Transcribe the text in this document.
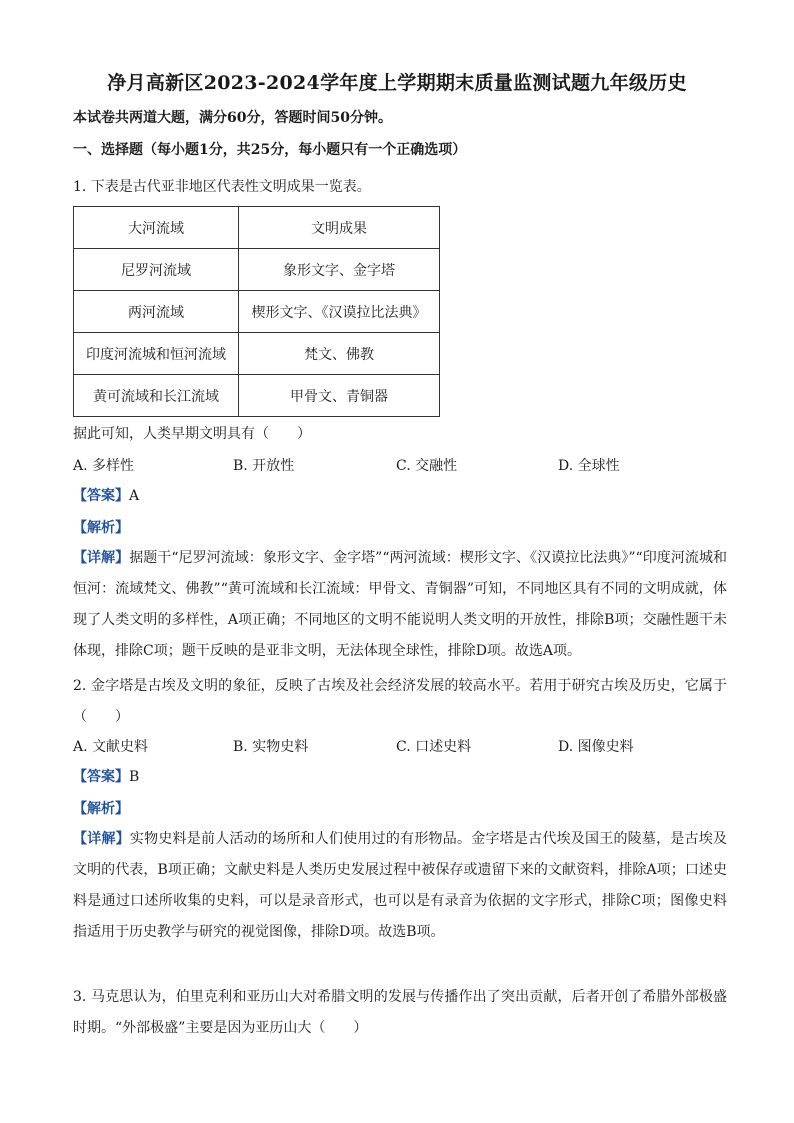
净月高新区2023-2024学年度上学期期末质量监测试题九年级历史
本试卷共两道大题，满分60分，答题时间50分钟。
一、选择题（每小题1分，共25分，每小题只有一个正确选项）
1. 下表是古代亚非地区代表性文明成果一览表。
大河流域	文明成果
尼罗河流域	象形文字、金字塔
两河流域	楔形文字、《汉谟拉比法典》
印度河流城和恒河流域	梵文、佛教
黄可流域和长江流域	甲骨文、青铜器
据此可知，人类早期文明具有（　　）
A. 多样性	B. 开放性	C. 交融性	D. 全球性
【答案】A
【解析】
【详解】据题干“尼罗河流域：象形文字、金字塔”“两河流域：楔形文字、《汉谟拉比法典》”“印度河流城和恒河：流域梵文、佛教”“黄可流域和长江流域：甲骨文、青铜器”可知，不同地区具有不同的文明成就，体现了人类文明的多样性，A项正确；不同地区的文明不能说明人类文明的开放性，排除B项；交融性题干未体现，排除C项；题干反映的是亚非文明，无法体现全球性，排除D项。故选A项。
2. 金字塔是古埃及文明的象征，反映了古埃及社会经济发展的较高水平。若用于研究古埃及历史，它属于（　　）
A. 文献史料	B. 实物史料	C. 口述史料	D. 图像史料
【答案】B
【解析】
【详解】实物史料是前人活动的场所和人们使用过的有形物品。金字塔是古代埃及国王的陵墓，是古埃及文明的代表，B项正确；文献史料是人类历史发展过程中被保存或遗留下来的文献资料，排除A项；口述史料是通过口述所收集的史料，可以是录音形式，也可以是有录音为依据的文字形式，排除C项；图像史料指适用于历史教学与研究的视觉图像，排除D项。故选B项。
3. 马克思认为，伯里克利和亚历山大对希腊文明的发展与传播作出了突出贡献，后者开创了希腊外部极盛时期。“外部极盛”主要是因为亚历山大（　　）
